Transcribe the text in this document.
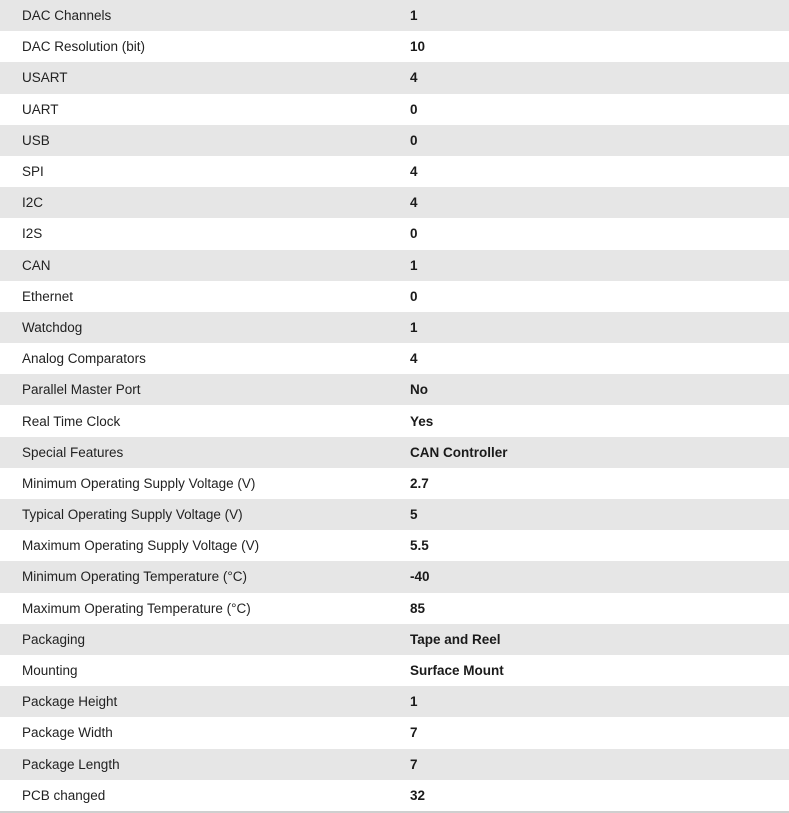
DAC Channels	1
DAC Resolution (bit)	10
USART	4
UART	0
USB	0
SPI	4
I2C	4
I2S	0
CAN	1
Ethernet	0
Watchdog	1
Analog Comparators	4
Parallel Master Port	No
Real Time Clock	Yes
Special Features	CAN Controller
Minimum Operating Supply Voltage (V)	2.7
Typical Operating Supply Voltage (V)	5
Maximum Operating Supply Voltage (V)	5.5
Minimum Operating Temperature (°C)	-40
Maximum Operating Temperature (°C)	85
Packaging	Tape and Reel
Mounting	Surface Mount
Package Height	1
Package Width	7
Package Length	7
PCB changed	32
